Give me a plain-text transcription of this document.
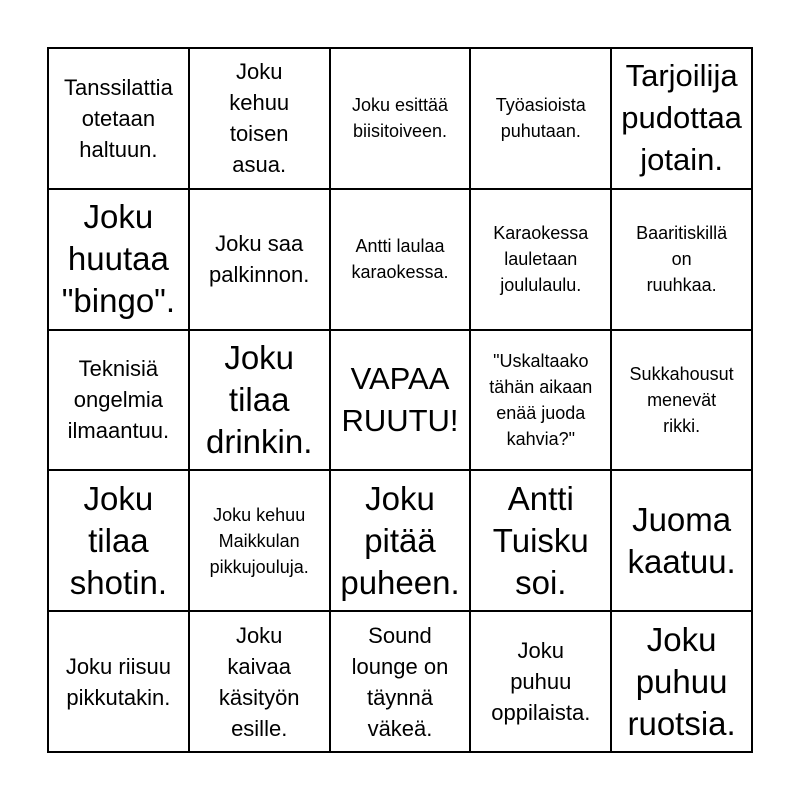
Tanssilattia
otetaan
haltuun.
Joku
kehuu
toisen
asua.
Joku esittää
biisitoiveen.
Työasioista
puhutaan.
Tarjoilija
pudottaa
jotain.
Joku
huutaa
"bingo".
Joku saa
palkinnon.
Antti laulaa
karaokessa.
Karaokessa
lauletaan
joululaulu.
Baaritiskillä
on
ruuhkaa.
Teknisiä
ongelmia
ilmaantuu.
Joku
tilaa
drinkin.
VAPAA
RUUTU!
"Uskaltaako
tähän aikaan
enää juoda
kahvia?"
Sukkahousut
menevät
rikki.
Joku
tilaa
shotin.
Joku kehuu
Maikkulan
pikkujouluja.
Joku
pitää
puheen.
Antti
Tuisku
soi.
Juoma
kaatuu.
Joku riisuu
pikkutakin.
Joku
kaivaa
käsityön
esille.
Sound
lounge on
täynnä
väkeä.
Joku
puhuu
oppilaista.
Joku
puhuu
ruotsia.
